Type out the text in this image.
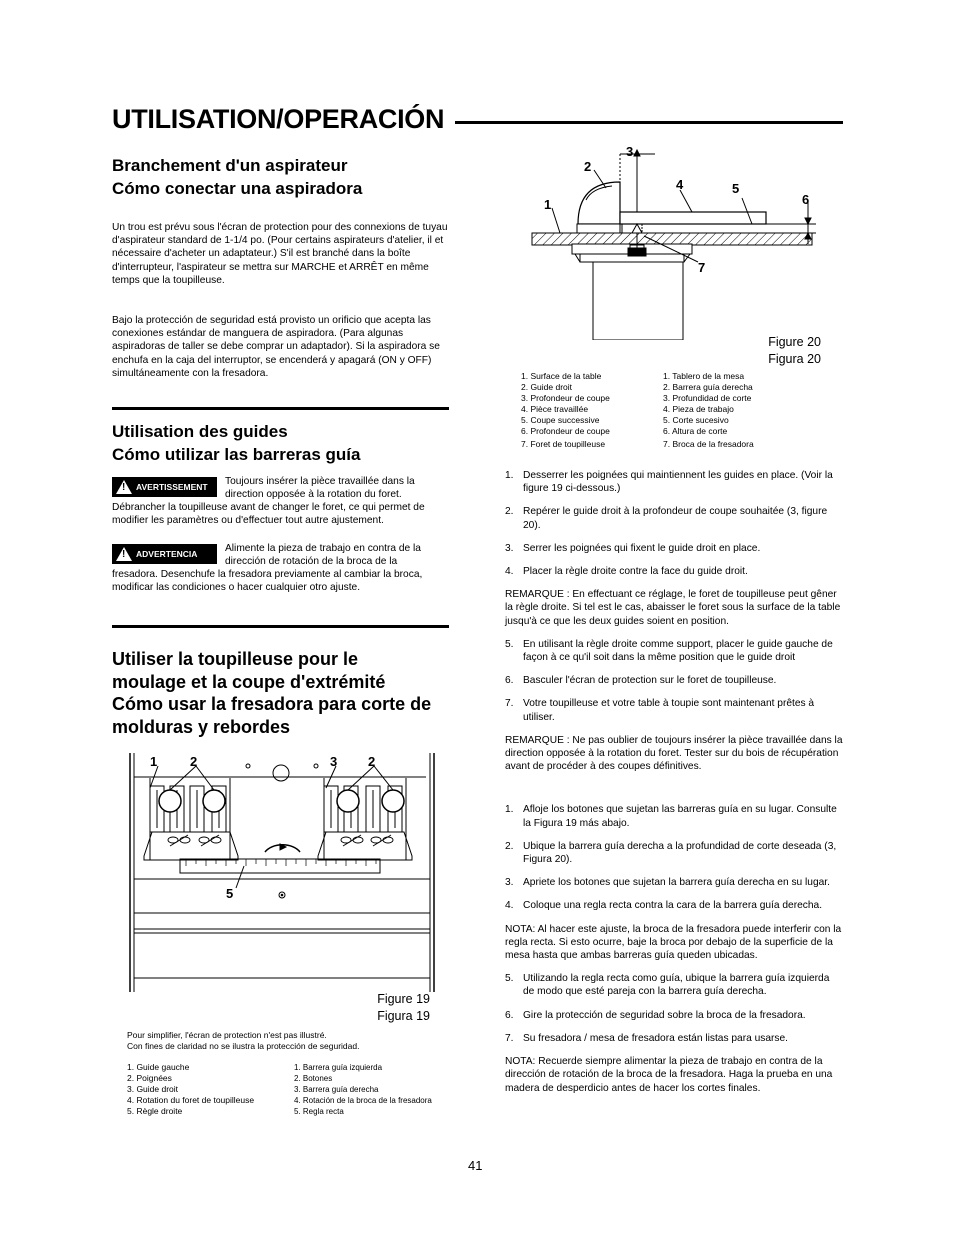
UTILISATION/OPERACIÓN
Branchement d'un aspirateur
Cómo conectar una aspiradora
Un trou est prévu sous l'écran de protection pour des connexions de tuyau d'aspirateur standard de 1-1/4 po. (Pour certains aspirateurs d'atelier, il et nécessaire d'acheter un adaptateur.) S'il est branché dans la boîte d'interrupteur, l'aspirateur se mettra sur MARCHE et ARRÊT en même temps que la toupilleuse.
Bajo la protección de seguridad está provisto un orificio que acepta las conexiones estándar de manguera de aspiradora. (Para algunas aspiradoras de taller se debe comprar un adaptador). Si la aspiradora se enchufa en la caja del interruptor, se encenderá y apagará (ON y OFF) simultáneamente con la fresadora.
Utilisation des guides
Cómo utilizar las barreras guía
!
AVERTISSEMENT Toujours insérer la pièce travaillée dans la
direction opposée à la rotation du foret.
Débrancher la toupilleuse avant de changer le foret, ce qui permet de modifier les paramètres ou d'effectuer tout autre ajustement.
!
ADVERTENCIA	Alimente la pieza de trabajo en contra de la
dirección de rotación de la broca de la
fresadora. Desenchufe la fresadora previamente al cambiar la broca, modificar las condiciones o hacer cualquier otro ajuste.
Utiliser la toupilleuse pour le
moulage et la coupe d'extrémité
Cómo usar la fresadora para corte de
molduras y rebordes
1	2	3 2
5
Figure 19
Figura 19
Pour simplifier, l'écran de protection n'est pas illustré.
Con fines de claridad no se ilustra la protección de seguridad.
1. Guide gauche
2. Poignées
3. Guide droit
4. Rotation du foret de toupilleuse
5. Règle droite
1. Barrera guía izquierda
2. Botones
3. Barrera guía derecha
4. Rotación de la broca de la fresadora
5. Regla recta
1
2
3
4	5
6
7
Figure 20
Figura 20
1. Surface de la table
2. Guide droit
3. Profondeur de coupe
4. Pièce travaillée
5. Coupe successive
6. Profondeur de coupe
7. Foret de toupilleuse
1. Tablero de la mesa
2. Barrera guía derecha
3. Profundidad de corte
4. Pieza de trabajo
5. Corte sucesivo
6. Altura de corte
7. Broca de la fresadora
1. Desserrer les poignées qui maintiennent les guides en place. (Voir la figure 19 ci-dessous.)
2. Repérer le guide droit à la profondeur de coupe souhaitée (3, figure 20).
3. Serrer les poignées qui fixent le guide droit en place.
4. Placer la règle droite contre la face du guide droit.
REMARQUE : En effectuant ce réglage, le foret de toupilleuse peut gêner la règle droite. Si tel est le cas, abaisser le foret sous la surface de la table jusqu'à ce que les deux guides soient en position.
5. En utilisant la règle droite comme support, placer le guide gauche de façon à ce qu'il soit dans la même position que le guide droit
6. Basculer l'écran de protection sur le foret de toupilleuse.
7. Votre toupilleuse et votre table à toupie sont maintenant prêtes à utiliser.
REMARQUE : Ne pas oublier de toujours insérer la pièce travaillée dans la direction opposée à la rotation du foret. Tester sur du bois de récupération avant de procéder à des coupes définitives.
1. Afloje los botones que sujetan las barreras guía en su lugar. Consulte la Figura 19 más abajo.
2. Ubique la barrera guía derecha a la profundidad de corte deseada (3, Figura 20).
3. Apriete los botones que sujetan la barrera guía derecha en su lugar.
4. Coloque una regla recta contra la cara de la barrera guía derecha.
NOTA: Al hacer este ajuste, la broca de la fresadora puede interferir con la regla recta. Si esto ocurre, baje la broca por debajo de la superficie de la mesa hasta que ambas barreras guía queden ubicadas.
5. Utilizando la regla recta como guía, ubique la barrera guía izquierda de modo que esté pareja con la barrera guía derecha.
6. Gire la protección de seguridad sobre la broca de la fresadora.
7. Su fresadora / mesa de fresadora están listas para usarse.
NOTA: Recuerde siempre alimentar la pieza de trabajo en contra de la dirección de rotación de la broca de la fresadora. Haga la prueba en una madera de desperdicio antes de hacer los cortes finales.
41
